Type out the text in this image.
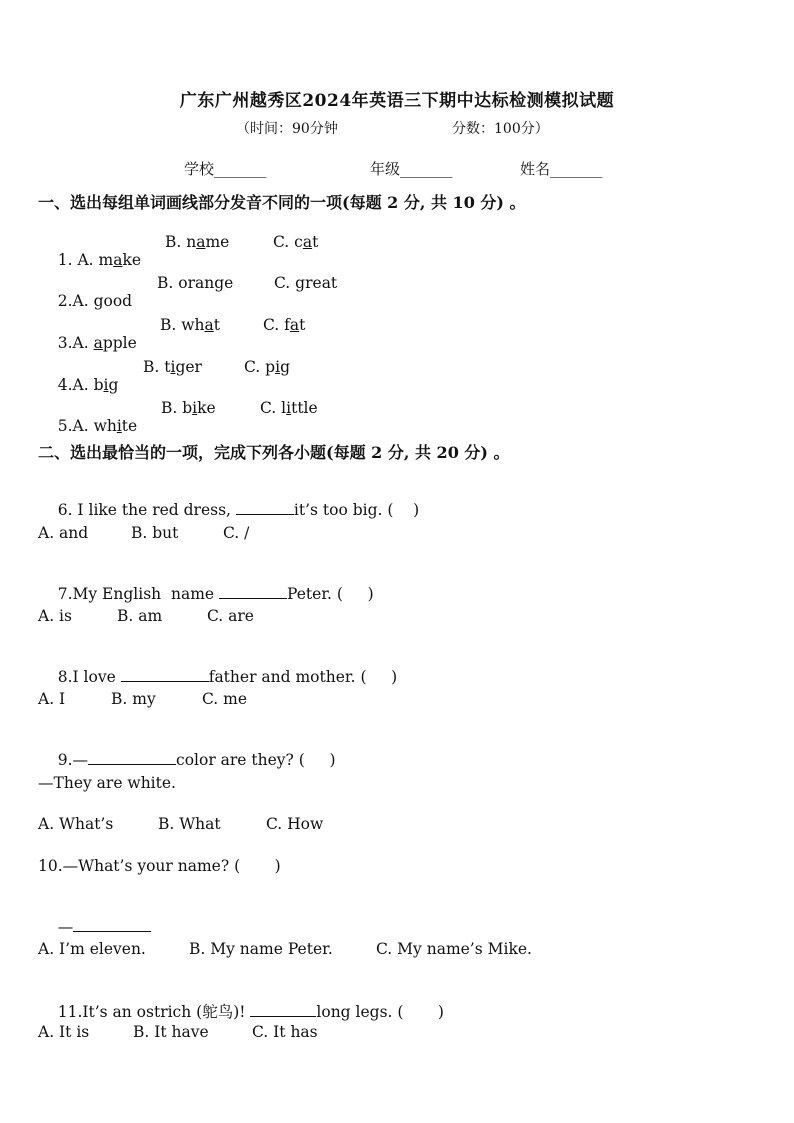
广东广州越秀区2024年英语三下期中达标检测模拟试题
（时间：90分钟	分数：100分）
学校_______	年级_______	姓名_______
一、选出每组单词画线部分发音不同的一项(每题 2 分, 共 10 分) 。

1. A. make

B. name	C. cat

2.A. good

B. orange	C. great

3.A. apple

B. what	C. fat

4.A. big

B. tiger	C. pig

5.A. white

B. bike	C. little
二、选出最恰当的一项，完成下列各小题(每题 2 分, 共 20 分) 。

6. I like the red dress,	it’s too big. (    )

A. and	B. but	C. /

7.My English  name	Peter. (     )

A. is	B. am	C. are

8.I love	father and mother. (     )

A. I	B. my	C. me

9.—	color are they? (     )

—They are white.
A. What’s	B. What	C. How
10.—What’s your name? (       )

—

A. I’m eleven.	B. My name Peter.	C. My name’s Mike.

11.It’s an ostrich (鸵鸟)!	long legs. (       )

A. It is	B. It have	C. It has
